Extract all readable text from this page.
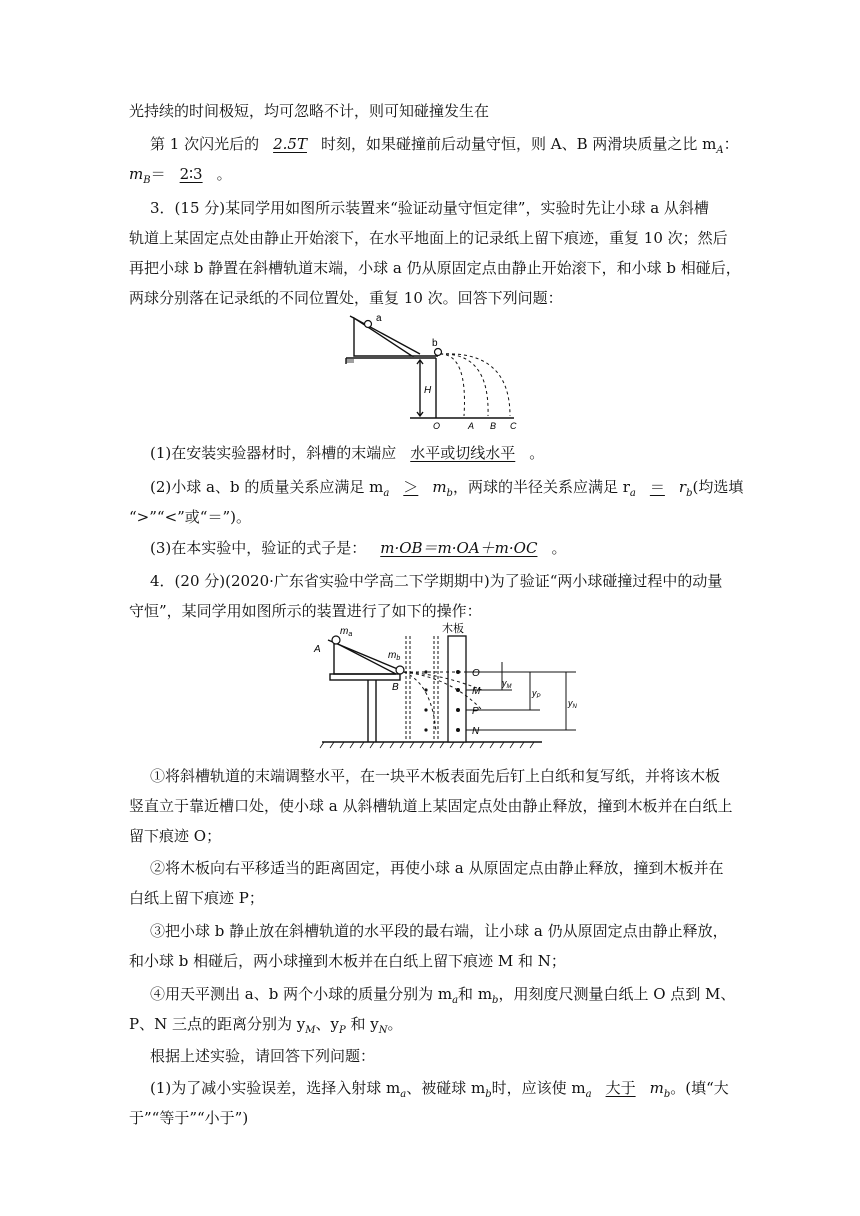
光持续的时间极短，均可忽略不计，则可知碰撞发生在
第 1 次闪光后的 2.5T 时刻，如果碰撞前后动量守恒，则 A、B 两滑块质量之比 $m_A$：
$m_B=$ 2∶3 。
3．(15 分)某同学用如图所示装置来“验证动量守恒定律”，实验时先让小球 a 从斜槽
轨道上某固定点处由静止开始滚下，在水平地面上的记录纸上留下痕迹，重复 10 次；然后
再把小球 b 静置在斜槽轨道末端，小球 a 仍从原固定点由静止开始滚下，和小球 b 相碰后，
两球分别落在记录纸的不同位置处，重复 10 次。回答下列问题：
a
b
H
O	A B C
(1)在安装实验器材时，斜槽的末端应 水平或切线水平 。
(2)小球 a、b 的质量关系应满足 $m_a > m_b$，两球的半径关系应满足 $r_a = r_b$(均选填
“>”“<”或“＝”)。
(3)在本实验中，验证的式子是： m·OB＝m·OA＋m·OC 。
4．(20 分)(2020·广东省实验中学高二下学期期中)为了验证“两小球碰撞过程中的动量
守恒”，某同学用如图所示的装置进行了如下的操作：
A
B
$m_a$
$m_b$
木板
O
M
P
N
$y_M$
$y_P$
$y_N$
①将斜槽轨道的末端调整水平，在一块平木板表面先后钉上白纸和复写纸，并将该木板
竖直立于靠近槽口处，使小球 a 从斜槽轨道上某固定点处由静止释放，撞到木板并在白纸上
留下痕迹 O；
②将木板向右平移适当的距离固定，再使小球 a 从原固定点由静止释放，撞到木板并在
白纸上留下痕迹 P；
③把小球 b 静止放在斜槽轨道的水平段的最右端，让小球 a 仍从原固定点由静止释放，
和小球 b 相碰后，两小球撞到木板并在白纸上留下痕迹 M 和 N；
④用天平测出 a、b 两个小球的质量分别为 $m_a$和 $m_b$，用刻度尺测量白纸上 O 点到 M、
P、N 三点的距离分别为 $y_M$、$y_P$ 和 $y_N$。
根据上述实验，请回答下列问题：
(1)为了减小实验误差，选择入射球 $m_a$、被碰球 $m_b$时，应该使 $m_a$ 大于 $m_b$。(填“大
于”“等于”“小于”)
